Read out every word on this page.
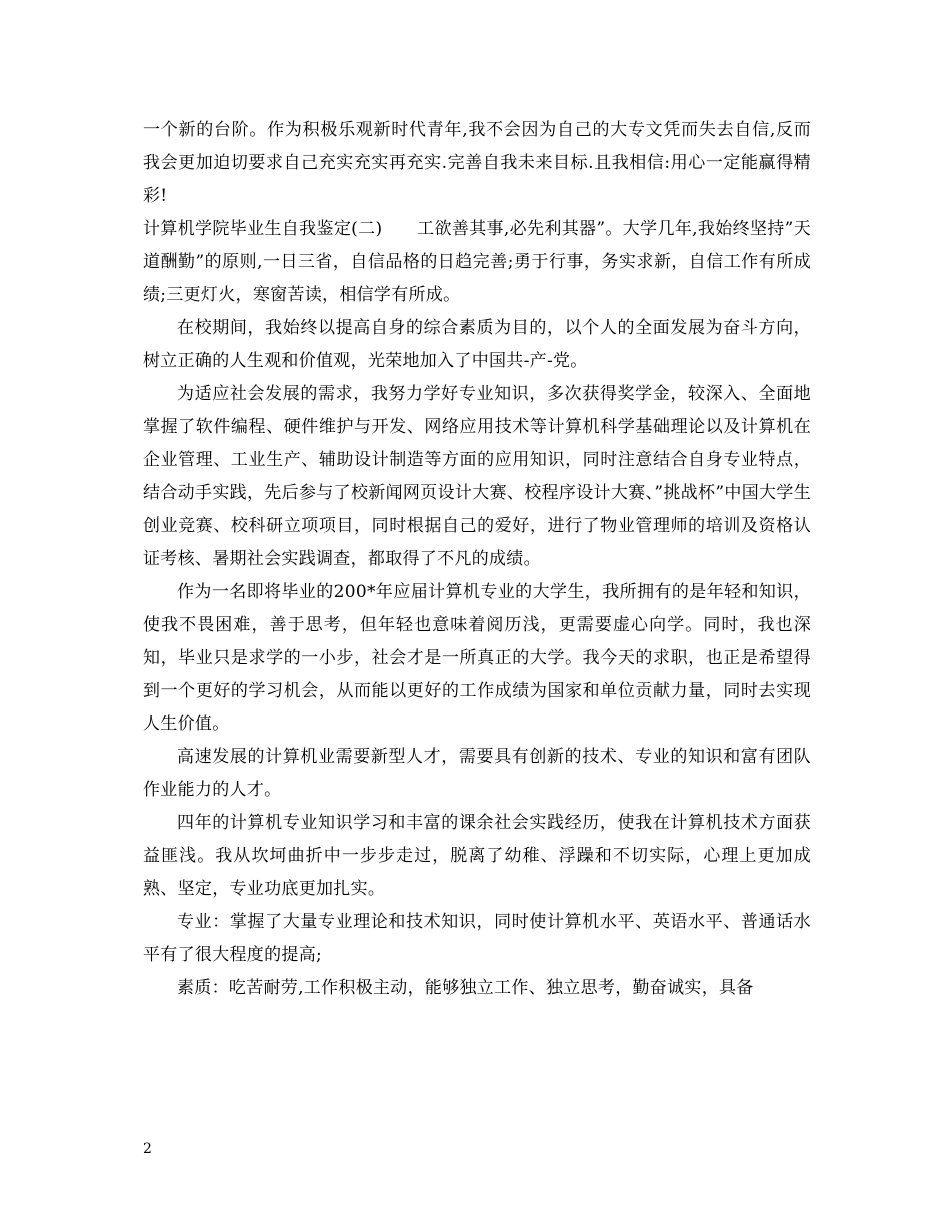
一个新的台阶。作为积极乐观新时代青年,我不会因为自己的大专文凭而失去自信,反而我会更加迫切要求自己充实充实再充实.完善自我未来目标.且我相信:用心一定能赢得精彩!

计算机学院毕业生自我鉴定(二)　　工欲善其事,必先利其器”。大学几年,我始终坚持”天道酬勤”的原则,一日三省，自信品格的日趋完善;勇于行事，务实求新，自信工作有所成绩;三更灯火，寒窗苦读，相信学有所成。

在校期间，我始终以提高自身的综合素质为目的，以个人的全面发展为奋斗方向，树立正确的人生观和价值观，光荣地加入了中国共-产-党。

为适应社会发展的需求，我努力学好专业知识，多次获得奖学金，较深入、全面地掌握了软件编程、硬件维护与开发、网络应用技术等计算机科学基础理论以及计算机在企业管理、工业生产、辅助设计制造等方面的应用知识，同时注意结合自身专业特点，结合动手实践，先后参与了校新闻网页设计大赛、校程序设计大赛、”挑战杯”中国大学生创业竞赛、校科研立项项目，同时根据自己的爱好，进行了物业管理师的培训及资格认证考核、暑期社会实践调查，都取得了不凡的成绩。

作为一名即将毕业的200*年应届计算机专业的大学生，我所拥有的是年轻和知识，使我不畏困难，善于思考，但年轻也意味着阅历浅，更需要虚心向学。同时，我也深知，毕业只是求学的一小步，社会才是一所真正的大学。我今天的求职，也正是希望得到一个更好的学习机会，从而能以更好的工作成绩为国家和单位贡献力量，同时去实现人生价值。

高速发展的计算机业需要新型人才，需要具有创新的技术、专业的知识和富有团队作业能力的人才。

四年的计算机专业知识学习和丰富的课余社会实践经历，使我在计算机技术方面获益匪浅。我从坎坷曲折中一步步走过，脱离了幼稚、浮躁和不切实际，心理上更加成熟、坚定，专业功底更加扎实。

专业：掌握了大量专业理论和技术知识，同时使计算机水平、英语水平、普通话水平有了很大程度的提高;

素质：吃苦耐劳,工作积极主动，能够独立工作、独立思考，勤奋诚实，具备

2
